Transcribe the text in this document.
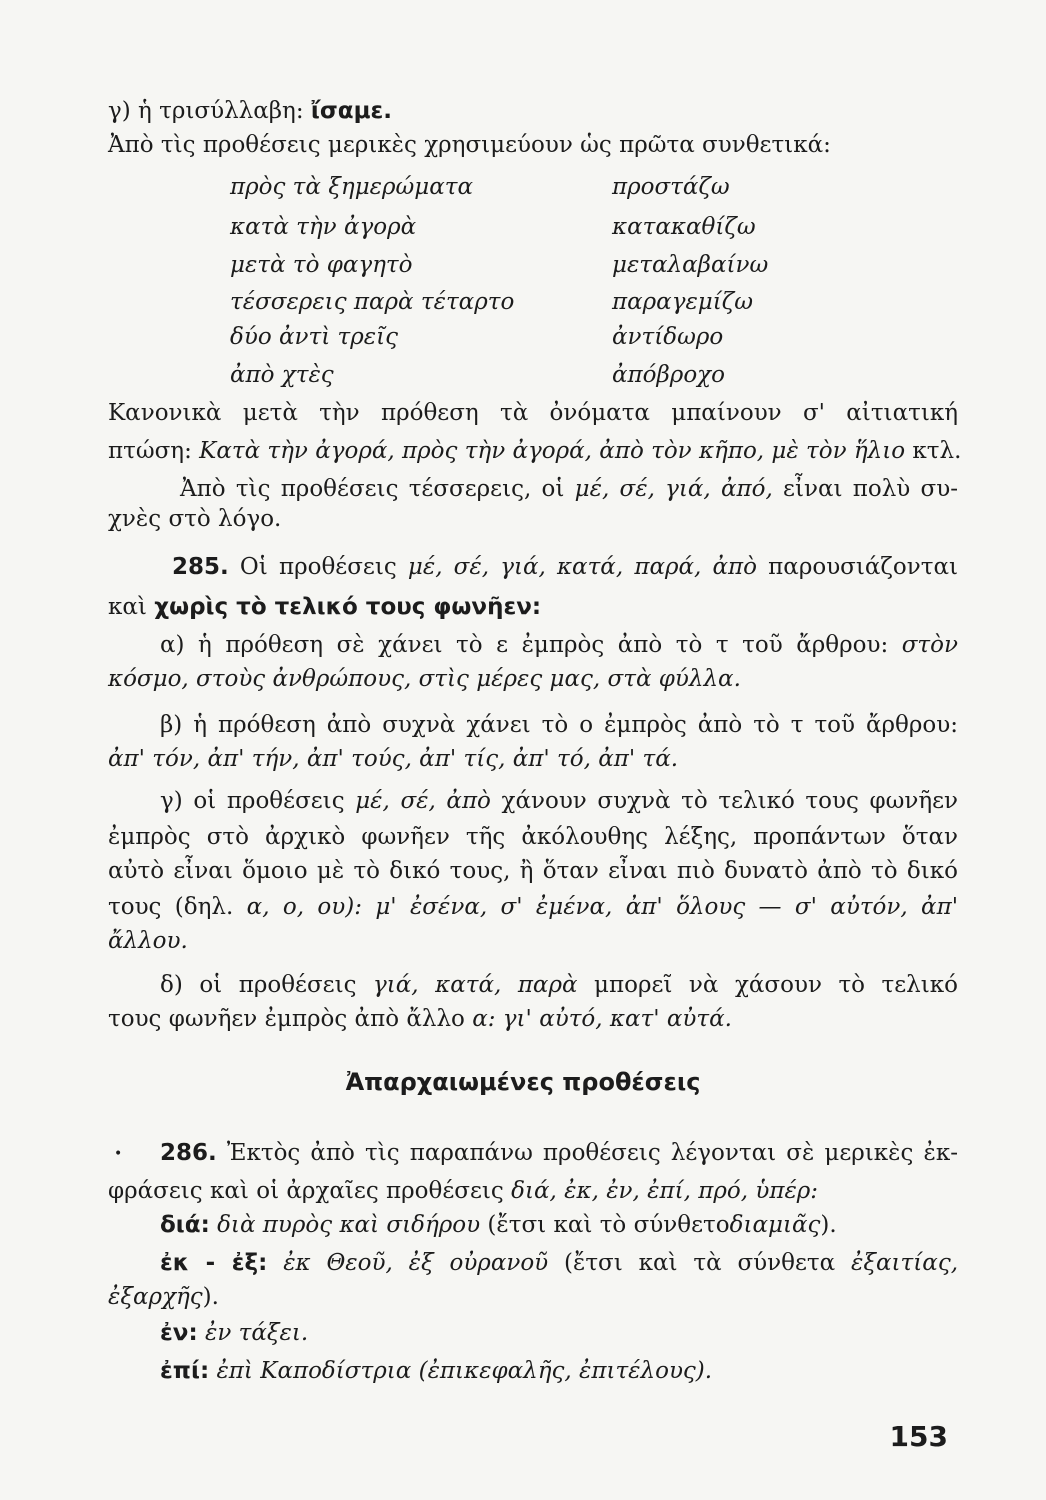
γ) ἡ τρισύλλαβη: ἴσαμε.
Ἀπὸ τὶς προθέσεις μερικὲς χρησιμεύουν ὡς πρῶτα συνθετικά:
πρὸς τὰ ξημερώματα	προστάζω
κατὰ τὴν ἀγορὰ	κατακαθίζω
μετὰ τὸ φαγητὸ	μεταλαβαίνω
τέσσερεις παρὰ τέταρτο	παραγεμίζω
δύο ἀντὶ τρεῖς	ἀντίδωρο
ἀπὸ χτὲς	ἀπόβροχο
Κανονικὰ μετὰ τὴν πρόθεση τὰ ὀνόματα μπαίνουν σ' αἰτιατική
πτώση: Κατὰ τὴν ἀγορά, πρὸς τὴν ἀγορά, ἀπὸ τὸν κῆπο, μὲ τὸν ἥλιο κτλ.
Ἀπὸ τὶς προθέσεις τέσσερεις, οἱ μέ, σέ, γιά, ἀπό, εἶναι πολὺ συ-
χνὲς στὸ λόγο.
285. Οἱ προθέσεις μέ, σέ, γιά, κατά, παρά, ἀπὸ παρουσιάζονται
καὶ χωρὶς τὸ τελικό τους φωνῆεν:
α) ἡ πρόθεση σὲ χάνει τὸ ε ἐμπρὸς ἀπὸ τὸ τ τοῦ ἄρθρου: στὸν
κόσμο, στοὺς ἀνθρώπους, στὶς μέρες μας, στὰ φύλλα.
β) ἡ πρόθεση ἀπὸ συχνὰ χάνει τὸ ο ἐμπρὸς ἀπὸ τὸ τ τοῦ ἄρθρου:
ἀπ' τόν, ἀπ' τήν, ἀπ' τούς, ἀπ' τίς, ἀπ' τό, ἀπ' τά.
γ) οἱ προθέσεις μέ, σέ, ἀπὸ χάνουν συχνὰ τὸ τελικό τους φωνῆεν
ἐμπρὸς στὸ ἀρχικὸ φωνῆεν τῆς ἀκόλουθης λέξης, προπάντων ὅταν
αὐτὸ εἶναι ὅμοιο μὲ τὸ δικό τους, ἢ ὅταν εἶναι πιὸ δυνατὸ ἀπὸ τὸ δικό
τους (δηλ. α, ο, ου): μ' ἐσένα, σ' ἐμένα, ἀπ' ὅλους — σ' αὐτόν, ἀπ'
ἄλλου.
δ) οἱ προθέσεις γιά, κατά, παρὰ μπορεῖ νὰ χάσουν τὸ τελικό
τους φωνῆεν ἐμπρὸς ἀπὸ ἄλλο α: γι' αὐτό, κατ' αὐτά.
Ἀπαρχαιωμένες προθέσεις
• 286. Ἐκτὸς ἀπὸ τὶς παραπάνω προθέσεις λέγονται σὲ μερικὲς ἐκ-
φράσεις καὶ οἱ ἀρχαῖες προθέσεις διά, ἐκ, ἐν, ἐπί, πρό, ὑπέρ:
διά: διὰ πυρὸς καὶ σιδήρου (ἔτσι καὶ τὸ σύνθετοδιαμιᾶς).
ἐκ - ἐξ: ἐκ Θεοῦ, ἐξ οὐρανοῦ (ἔτσι καὶ τὰ σύνθετα ἐξαιτίας,
ἐξαρχῆς).
ἐν: ἐν τάξει.
ἐπί: ἐπὶ Καποδίστρια (ἐπικεφαλῆς, ἐπιτέλους).
153
